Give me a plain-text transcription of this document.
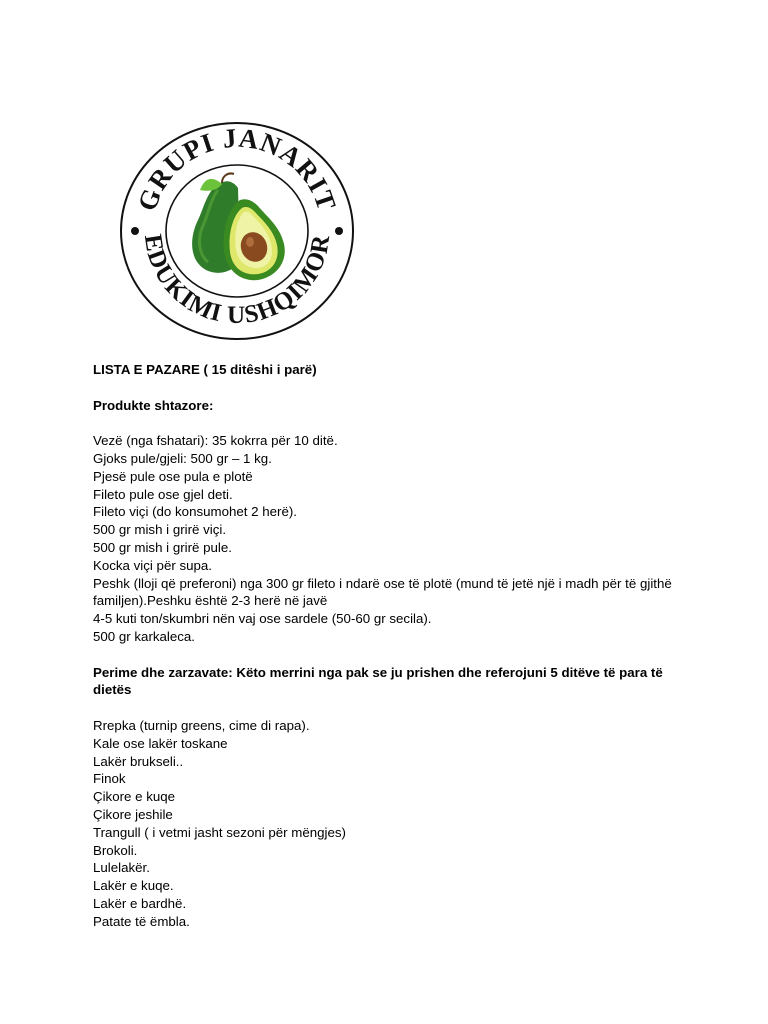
GRUPI JANARIT
EDUKIMI USHQIMOR
LISTA E PAZARE ( 15 ditêshi i parë)
Produkte shtazore:
Vezë (nga fshatari): 35 kokrra për 10 ditë.
Gjoks pule/gjeli: 500 gr – 1 kg.
Pjesë pule ose pula e plotë
Fileto pule ose gjel deti.
Fileto viçi (do konsumohet 2 herë).
500 gr mish i grirë viçi.
500 gr mish i grirë pule.
Kocka viçi për supa.
Peshk (lloji që preferoni) nga 300 gr fileto i ndarë ose të plotë (mund të jetë një i madh për të gjithë familjen).Peshku është 2-3 herë në javë
4-5 kuti ton/skumbri nën vaj ose sardele (50-60 gr secila).
500 gr karkaleca.
Perime dhe zarzavate: Këto merrini nga pak se ju prishen dhe referojuni 5 ditëve të para të dietës
Rrepka (turnip greens, cime di rapa).
Kale ose lakër toskane
Lakër brukseli..
Finok
Çikore e kuqe
Çikore jeshile
Trangull ( i vetmi jasht sezoni për mëngjes)
Brokoli.
Lulelakër.
Lakër e kuqe.
Lakër e bardhë.
Patate të ëmbla.
